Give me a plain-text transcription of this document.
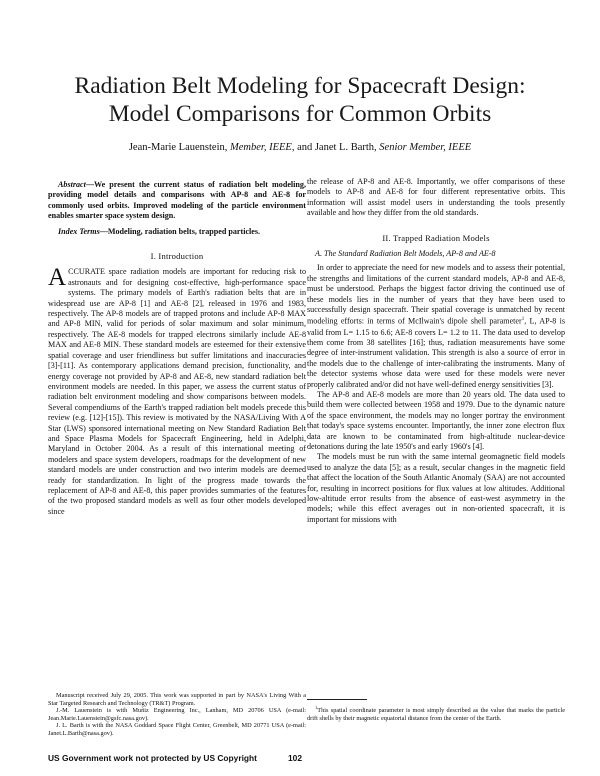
Radiation Belt Modeling for Spacecraft Design:
Model Comparisons for Common Orbits
Jean-Marie Lauenstein, Member, IEEE, and Janet L. Barth, Senior Member, IEEE

Abstract—We present the current status of radiation belt modeling, providing model details and comparisons with AP-8 and AE-8 for commonly used orbits. Improved modeling of the particle environment enables smarter space system design.

Index Terms—Modeling, radiation belts, trapped particles.

I. Introduction

ACCURATE space radiation models are important for reducing risk to astronauts and for designing cost-effective, high-performance space systems. The primary models of Earth's radiation belts that are in widespread use are AP-8 [1] and AE-8 [2], released in 1976 and 1983, respectively. The AP-8 models are of trapped protons and include AP-8 MAX and AP-8 MIN, valid for periods of solar maximum and solar minimum, respectively. The AE-8 models for trapped electrons similarly include AE-8 MAX and AE-8 MIN. These standard models are esteemed for their extensive spatial coverage and user friendliness but suffer limitations and inaccuracies [3]-[11]. As contemporary applications demand precision, functionality, and energy coverage not provided by AP-8 and AE-8, new standard radiation belt environment models are needed. In this paper, we assess the current status of radiation belt environment modeling and show comparisons between models. Several compendiums of the Earth's trapped radiation belt models precede this review (e.g. [12]-[15]). This review is motivated by the NASA/Living With A Star (LWS) sponsored international meeting on New Standard Radiation Belt and Space Plasma Models for Spacecraft Engineering, held in Adelphi, Maryland in October 2004. As a result of this international meeting of modelers and space system developers, roadmaps for the development of new standard models are under construction and two interim models are deemed ready for standardization. In light of the progress made towards the replacement of AP-8 and AE-8, this paper provides summaries of the features of the two proposed standard models as well as four other models developed since

Manuscript received July 29, 2005. This work was supported in part by NASA's Living With a Star Targeted Research and Technology (TR&T) Program.

J.-M. Lauenstein is with Muñiz Engineering Inc., Lanham, MD 20706 USA (e-mail: Jean.Marie.Lauenstein@gsfc.nasa.gov).

J. L. Barth is with the NASA Goddard Space Flight Center, Greenbelt, MD 20771 USA (e-mail: Janet.L.Barth@nasa.gov).

the release of AP-8 and AE-8. Importantly, we offer comparisons of these models to AP-8 and AE-8 for four different representative orbits. This information will assist model users in understanding the tools presently available and how they differ from the old standards.

II. Trapped Radiation Models
A. The Standard Radiation Belt Models, AP-8 and AE-8

In order to appreciate the need for new models and to assess their potential, the strengths and limitations of the current standard models, AP-8 and AE-8, must be understood. Perhaps the biggest factor driving the continued use of these models lies in the number of years that they have been used to successfully design spacecraft. Their spatial coverage is unmatched by recent modeling efforts: in terms of McIlwain's dipole shell parameter$^1$, L, AP-8 is valid from L= 1.15 to 6.6; AE-8 covers L= 1.2 to 11. The data used to develop them come from 38 satellites [16]; thus, radiation measurements have some degree of inter-instrument validation. This strength is also a source of error in the models due to the challenge of inter-calibrating the instruments. Many of the detector systems whose data were used for these models were never properly calibrated and/or did not have well-defined energy sensitivities [3].

The AP-8 and AE-8 models are more than 20 years old. The data used to build them were collected between 1958 and 1979. Due to the dynamic nature of the space environment, the models may no longer portray the environment that today's space systems encounter. Importantly, the inner zone electron flux data are known to be contaminated from high-altitude nuclear-device detonations during the late 1950's and early 1960's [4].

The models must be run with the same internal geomagnetic field models used to analyze the data [5]; as a result, secular changes in the magnetic field that affect the location of the South Atlantic Anomaly (SAA) are not accounted for, resulting in incorrect positions for flux values at low altitudes. Additional low-altitude error results from the absence of east-west asymmetry in the models; while this effect averages out in non-oriented spacecraft, it is important for missions with

$^1$This spatial coordinate parameter is most simply described as the value that marks the particle drift shells by their magnetic equatorial distance from the center of the Earth.

US Government work not protected by US Copyright	102
